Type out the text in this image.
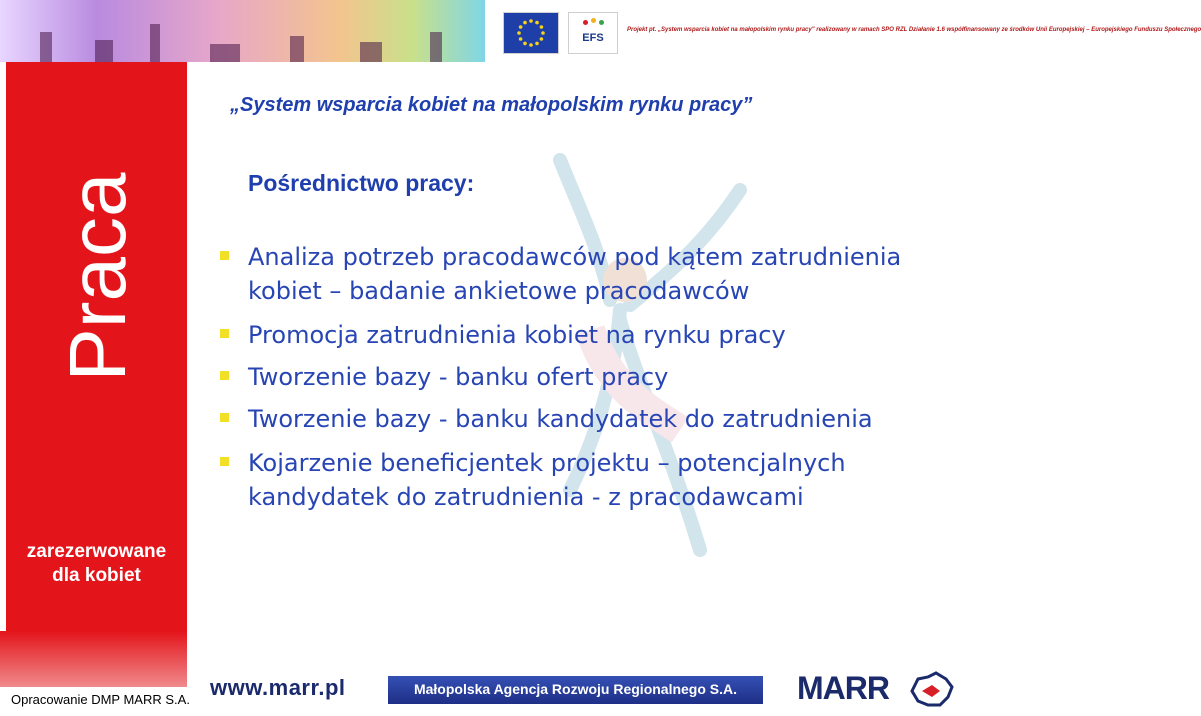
EFS
Projekt pt. „System wsparcia kobiet na małopolskim rynku pracy" realizowany w ramach SPO RZL Działanie 1.6 współfinansowany ze środków Unii Europejskiej – Europejskiego Funduszu Społecznego
Praca
zarezerwowane
dla kobiet
„System wsparcia kobiet na małopolskim rynku pracy”
Pośrednictwo pracy:
Analiza potrzeb pracodawców pod kątem zatrudnienia kobiet – badanie ankietowe pracodawców
Promocja zatrudnienia kobiet na rynku pracy
Tworzenie bazy - banku ofert pracy
Tworzenie bazy - banku kandydatek do zatrudnienia
Kojarzenie beneficjentek projektu – potencjalnych kandydatek do zatrudnienia - z pracodawcami
Opracowanie DMP MARR S.A. www.marr.pl	Małopolska Agencja Rozwoju Regionalnego S.A.	MARR
